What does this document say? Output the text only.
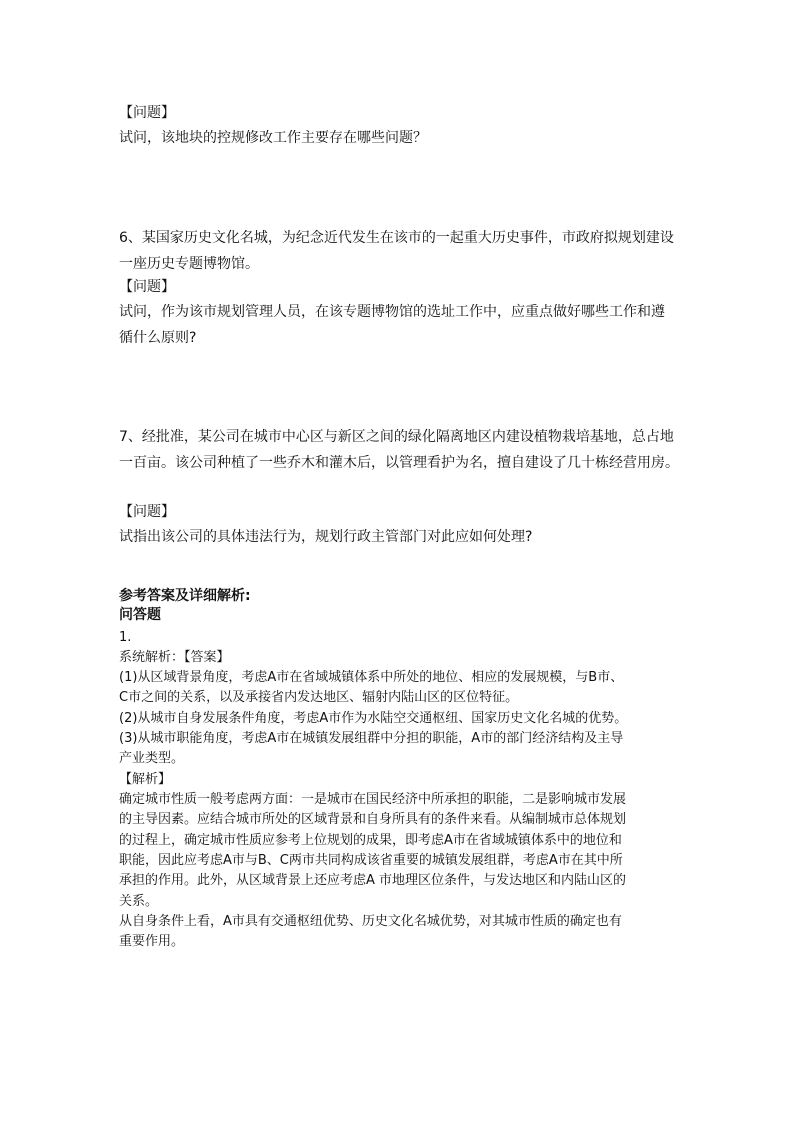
【问题】
试问，该地块的控规修改工作主要存在哪些问题？
6、某国家历史文化名城，为纪念近代发生在该市的一起重大历史事件，市政府拟规划建设
一座历史专题博物馆。
【问题】
试问，作为该市规划管理人员，在该专题博物馆的选址工作中，应重点做好哪些工作和遵
循什么原则?
7、经批准，某公司在城市中心区与新区之间的绿化隔离地区内建设植物栽培基地，总占地
一百亩。该公司种植了一些乔木和灌木后，以管理看护为名，擅自建设了几十栋经营用房。
【问题】
试指出该公司的具体违法行为，规划行政主管部门对此应如何处理?
参考答案及详细解析:
问答题
1.
系统解析：【答案】
(1)从区域背景角度，考虑A市在省域城镇体系中所处的地位、相应的发展规模，与B市、
C市之间的关系，以及承接省内发达地区、辐射内陆山区的区位特征。
(2)从城市自身发展条件角度，考虑A市作为水陆空交通枢纽、国家历史文化名城的优势。
(3)从城市职能角度，考虑A市在城镇发展组群中分担的职能，A市的部门经济结构及主导
产业类型。
【解析】
确定城市性质一般考虑两方面：一是城市在国民经济中所承担的职能，二是影响城市发展
的主导因素。应结合城市所处的区域背景和自身所具有的条件来看。从编制城市总体规划
的过程上，确定城市性质应参考上位规划的成果，即考虑A市在省域城镇体系中的地位和
职能，因此应考虑A市与B、C两市共同构成该省重要的城镇发展组群，考虑A市在其中所
承担的作用。此外，从区域背景上还应考虑A 市地理区位条件，与发达地区和内陆山区的
关系。
从自身条件上看，A市具有交通枢纽优势、历史文化名城优势，对其城市性质的确定也有
重要作用。
